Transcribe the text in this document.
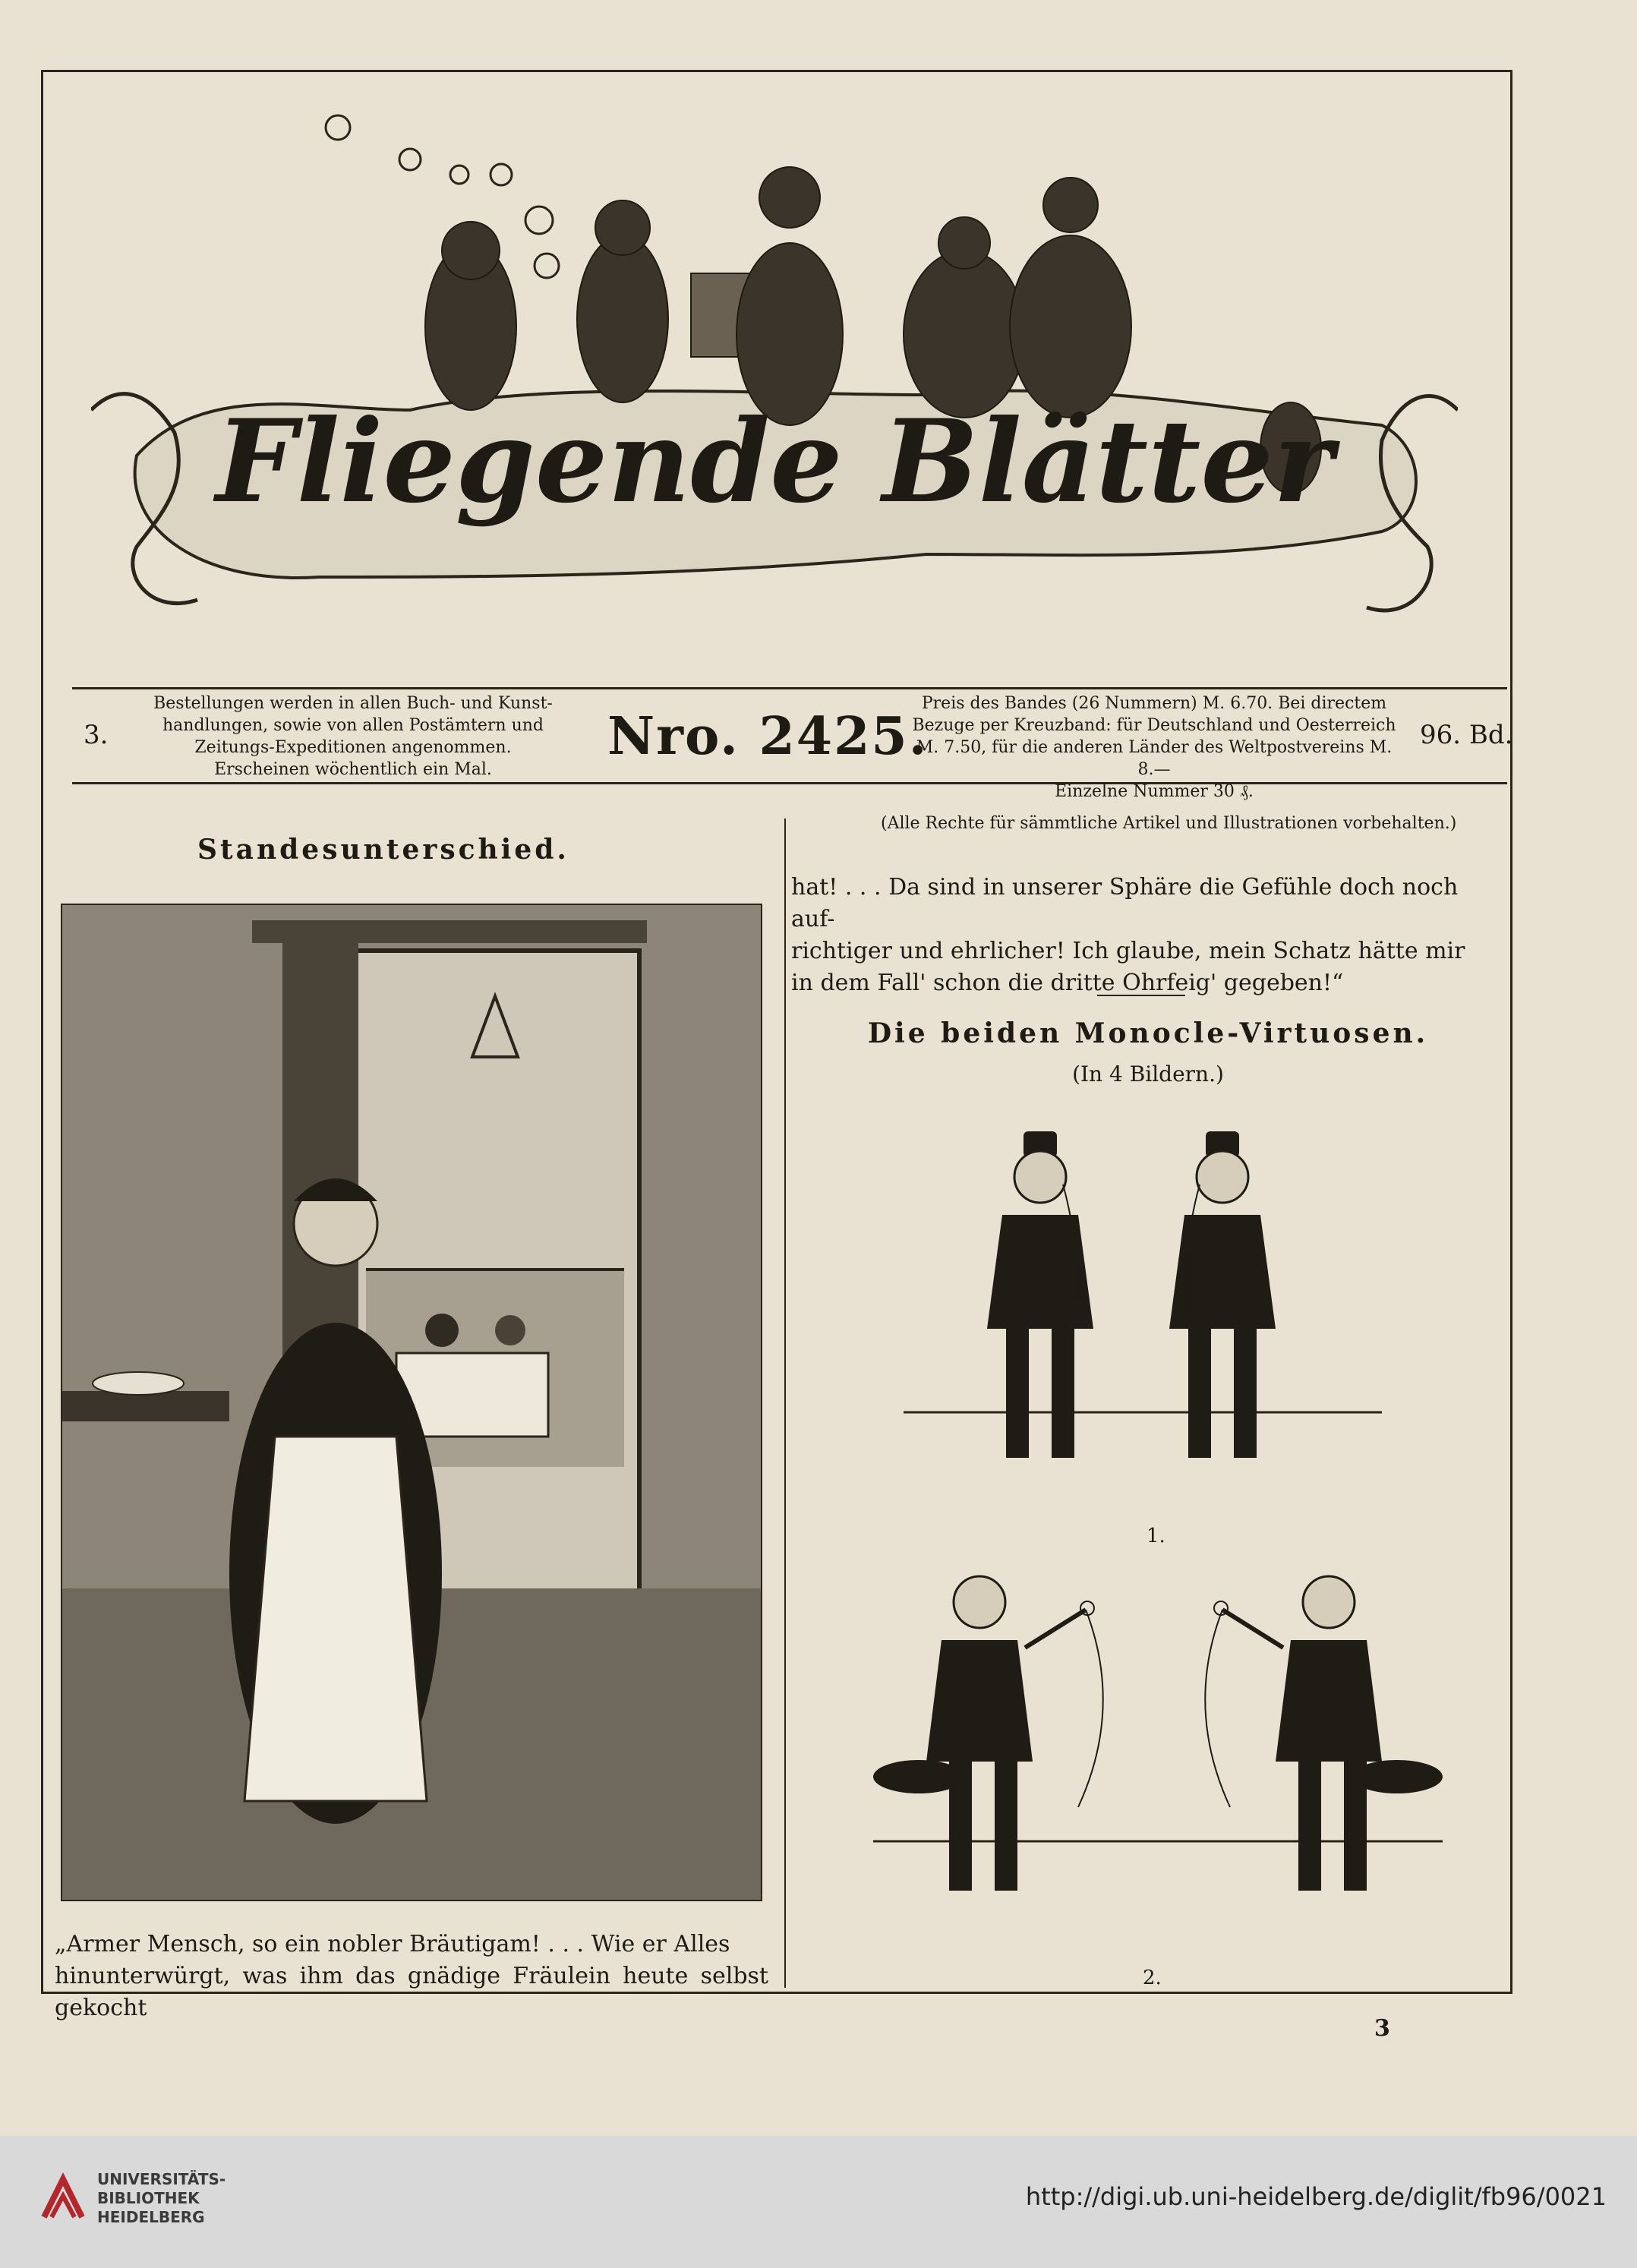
Fliegende Blätter
3.
Bestellungen werden in allen Buch- und Kunst-
handlungen, sowie von allen Postämtern und
Zeitungs-Expeditionen angenommen.
Erscheinen wöchentlich ein Mal.
Nro. 2425.
Preis des Bandes (26 Nummern) M. 6.70. Bei directem
Bezuge per Kreuzband: für Deutschland und Oesterreich
M. 7.50, für die anderen Länder des Weltpostvereins M. 8.—
Einzelne Nummer 30 ₰.
96. Bd.
(Alle Rechte für sämmtliche Artikel und Illustrationen vorbehalten.)
Standesunterschied.
„Armer Mensch, so ein nobler Bräutigam! . . . Wie er Alles
hinunterwürgt, was ihm das gnädige Fräulein heute selbst gekocht
hat! . . . Da sind in unserer Sphäre die Gefühle doch noch auf-
richtiger und ehrlicher! Ich glaube, mein Schatz hätte mir
in dem Fall' schon die dritte Ohrfeig' gegeben!“
Die beiden Monocle-Virtuosen.
(In 4 Bildern.)
1.
2.
3
UNIVERSITÄTS-
BIBLIOTHEK
HEIDELBERG
http://digi.ub.uni-heidelberg.de/diglit/fb96/0021
